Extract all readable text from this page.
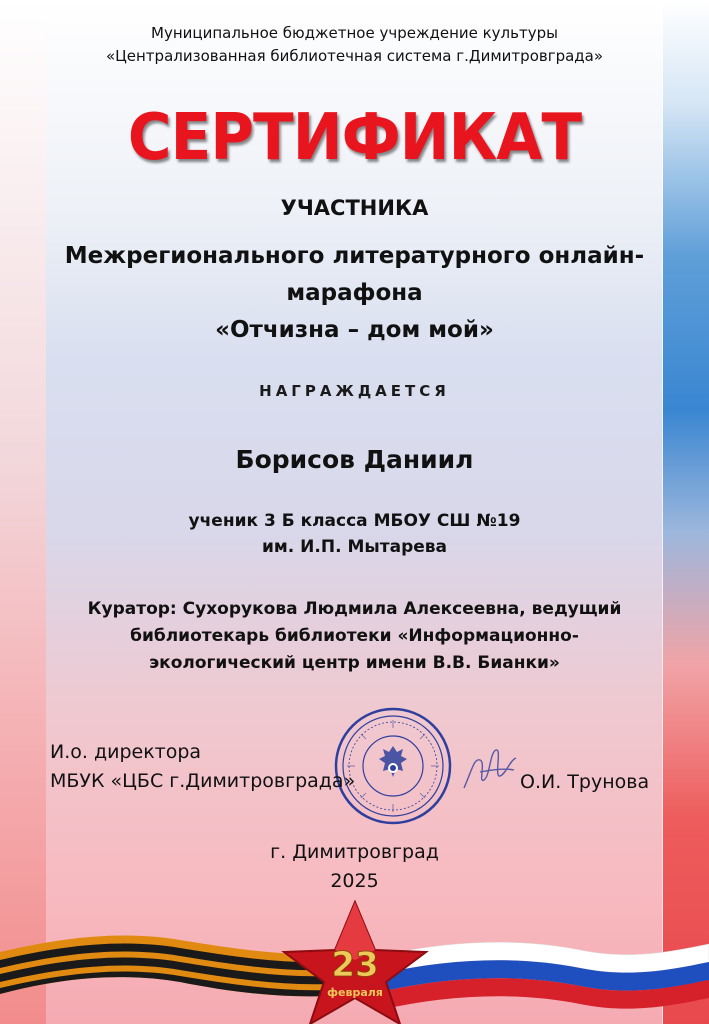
Муниципальное бюджетное учреждение культуры
«Централизованная библиотечная система г.Димитровграда»
СЕРТИФИКАТ
УЧАСТНИКА
Межрегионального литературного онлайн-
марафона
«Отчизна – дом мой»
НАГРАЖДАЕТСЯ
Борисов Даниил
ученик 3 Б класса МБОУ СШ №19
им. И.П. Мытарева
Куратор: Сухорукова Людмила Алексеевна, ведущий
библиотекарь библиотеки «Информационно-
экологический центр имени В.В. Бианки»
И.о. директора
МБУК «ЦБС г.Димитровграда»	О.И. Трунова
г. Димитровград
2025
23
февраля
